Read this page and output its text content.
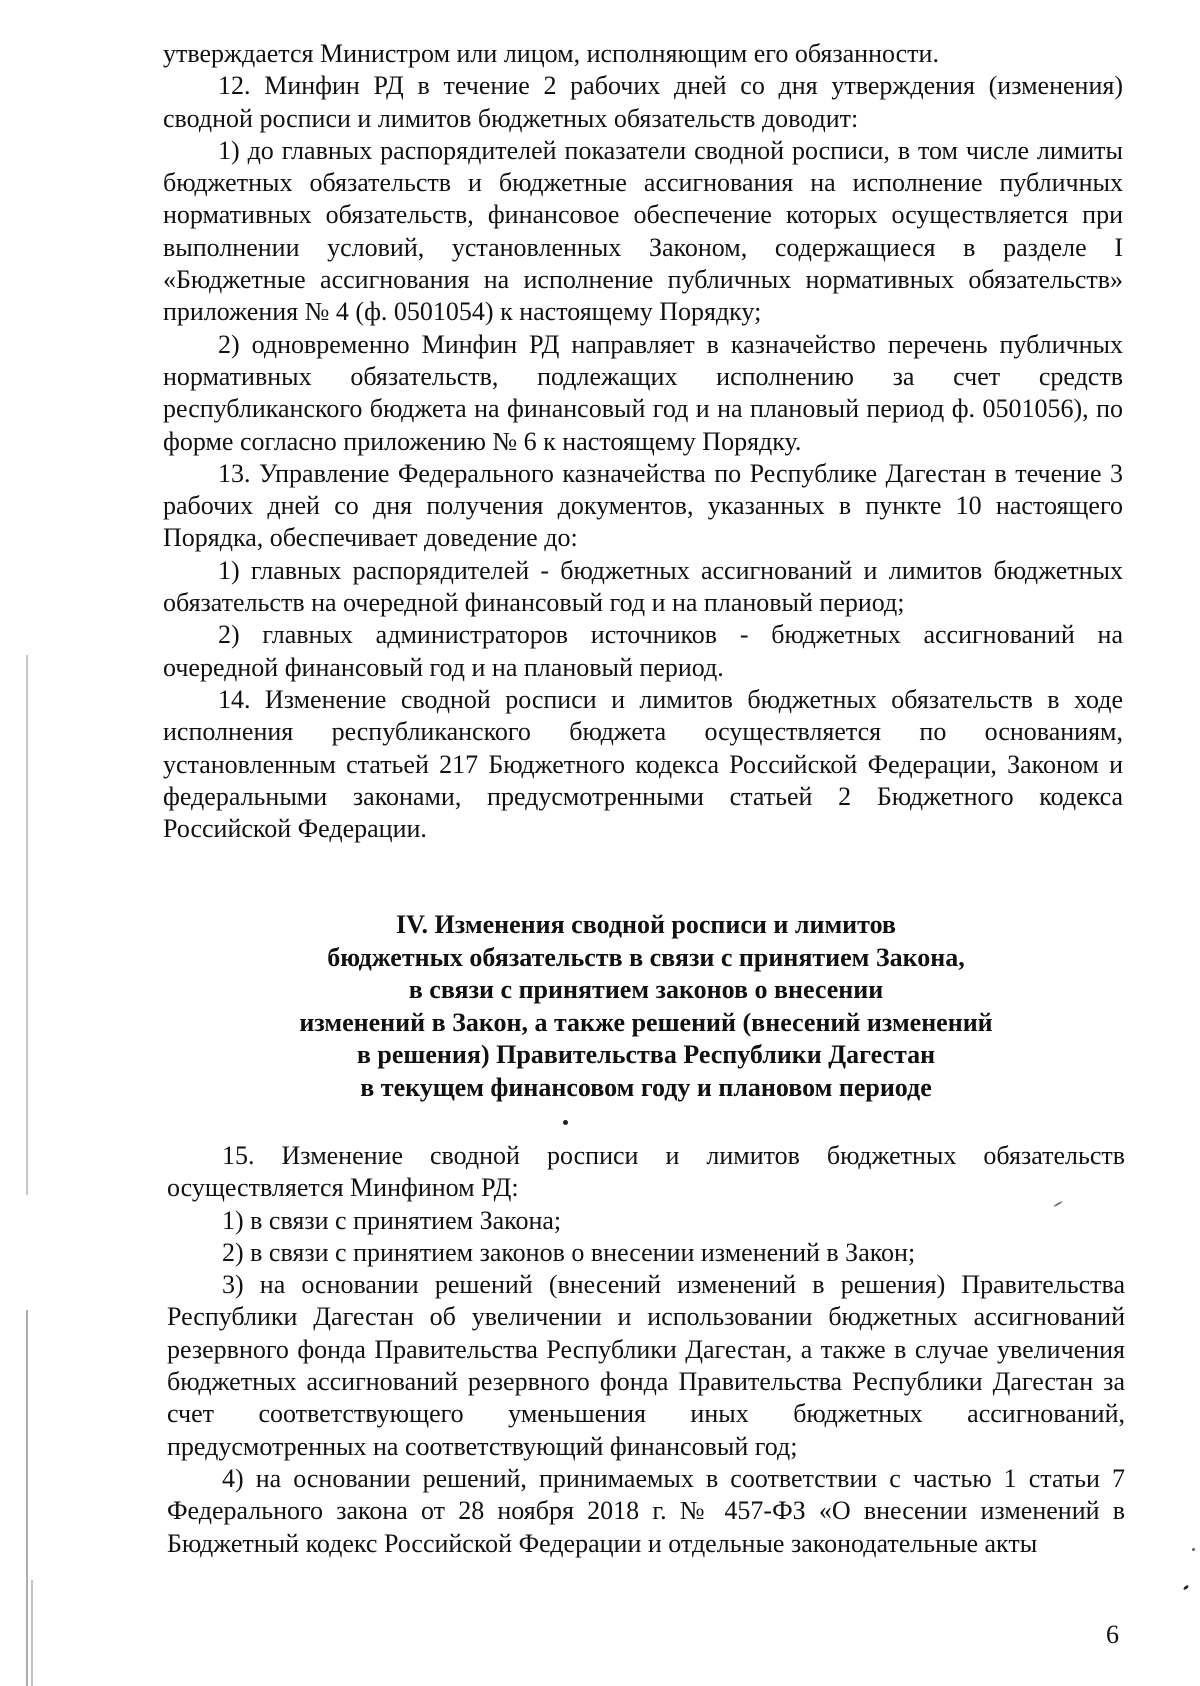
утверждается Министром или лицом, исполняющим его обязанности.

12. Минфин РД в течение 2 рабочих дней со дня утверждения (изменения) сводной росписи и лимитов бюджетных обязательств доводит:

1) до главных распорядителей показатели сводной росписи, в том числе лимиты бюджетных обязательств и бюджетные ассигнования на исполнение публичных нормативных обязательств, финансовое обеспечение которых осуществляется при выполнении условий, установленных Законом, содержащиеся в разделе I «Бюджетные ассигнования на исполнение публичных нормативных обязательств» приложения № 4 (ф. 0501054) к настоящему Порядку;

2) одновременно Минфин РД направляет в казначейство перечень публичных нормативных обязательств, подлежащих исполнению за счет средств республиканского бюджета на финансовый год и на плановый период ф. 0501056), по форме согласно приложению № 6 к настоящему Порядку.

13. Управление Федерального казначейства по Республике Дагестан в течение 3 рабочих дней со дня получения документов, указанных в пункте 10 настоящего Порядка, обеспечивает доведение до:

1) главных распорядителей - бюджетных ассигнований и лимитов бюджетных обязательств на очередной финансовый год и на плановый период;

2) главных администраторов источников - бюджетных ассигнований на очередной финансовый год и на плановый период.

14. Изменение сводной росписи и лимитов бюджетных обязательств в ходе исполнения республиканского бюджета осуществляется по основаниям, установленным статьей 217 Бюджетного кодекса Российской Федерации, Законом и федеральными законами, предусмотренными статьей 2 Бюджетного кодекса Российской Федерации.

IV. Изменения сводной росписи и лимитов
бюджетных обязательств в связи с принятием Закона,
в связи с принятием законов о внесении
изменений в Закон, а также решений (внесений изменений
в решения) Правительства Республики Дагестан
в текущем финансовом году и плановом периоде

15. Изменение сводной росписи и лимитов бюджетных обязательств осуществляется Минфином РД:

1) в связи с принятием Закона;

2) в связи с принятием законов о внесении изменений в Закон;

3) на основании решений (внесений изменений в решения) Правительства Республики Дагестан об увеличении и использовании бюджетных ассигнований резервного фонда Правительства Республики Дагестан, а также в случае увеличения бюджетных ассигнований резервного фонда Правительства Республики Дагестан за счет соответствующего уменьшения иных бюджетных ассигнований, предусмотренных на соответствующий финансовый год;

4) на основании решений, принимаемых в соответствии с частью 1 статьи 7 Федерального закона от 28 ноября 2018 г. № 457-ФЗ «О внесении изменений в Бюджетный кодекс Российской Федерации и отдельные законодательные акты

6
